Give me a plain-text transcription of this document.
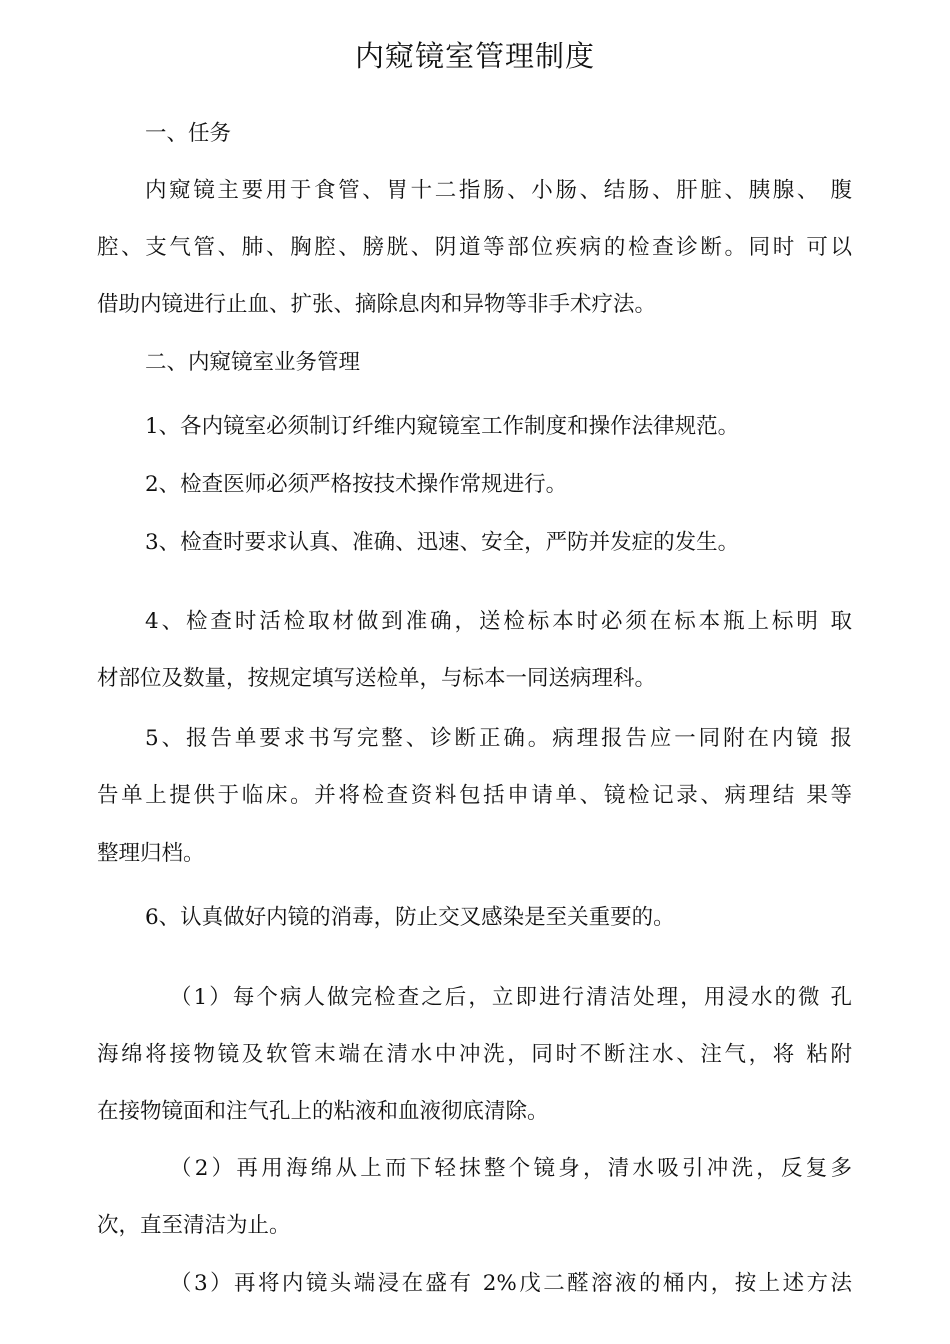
内窥镜室管理制度
一、任务
内窥镜主要用于食管、胃十二指肠、小肠、结肠、肝脏、胰腺、 腹
腔、支气管、肺、胸腔、膀胱、阴道等部位疾病的检查诊断。同时 可以
借助内镜进行止血、扩张、摘除息肉和异物等非手术疗法。
二、内窥镜室业务管理
1、各内镜室必须制订纤维内窥镜室工作制度和操作法律规范。
2、检查医师必须严格按技术操作常规进行。
3、检查时要求认真、准确、迅速、安全，严防并发症的发生。
4、检查时活检取材做到准确，送检标本时必须在标本瓶上标明 取
材部位及数量，按规定填写送检单，与标本一同送病理科。
5、报告单要求书写完整、诊断正确。病理报告应一同附在内镜 报
告单上提供于临床。并将检查资料包括申请单、镜检记录、病理结 果等
整理归档。
6、认真做好内镜的消毒，防止交叉感染是至关重要的。
（1）每个病人做完检查之后，立即进行清洁处理，用浸水的微 孔
海绵将接物镜及软管末端在清水中冲洗，同时不断注水、注气，将 粘附
在接物镜面和注气孔上的粘液和血液彻底清除。
（2）再用海绵从上而下轻抹整个镜身，清水吸引冲洗，反复多
次，直至清洁为止。
（3）再将内镜头端浸在盛有 2%戊二醛溶液的桶内，按上述方法
